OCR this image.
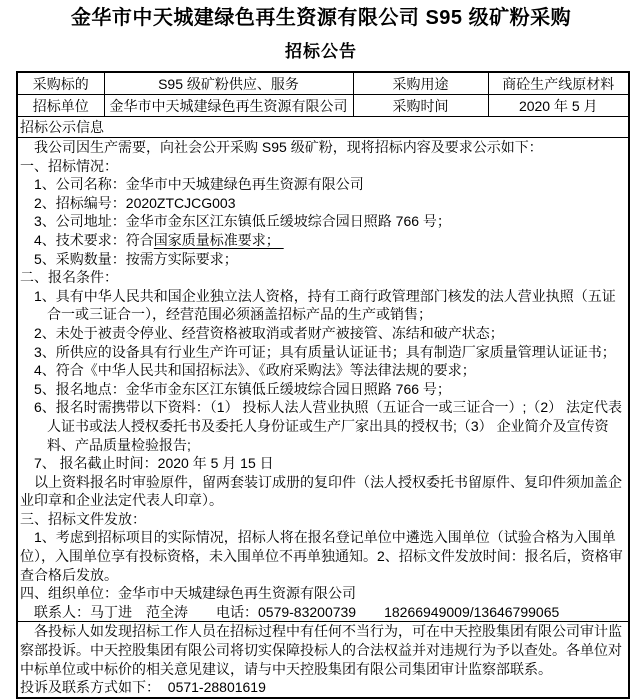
金华市中天城建绿色再生资源有限公司 S95 级矿粉采购
招标公告
采购标的	S95 级矿粉供应、服务	采购用途	商砼生产线原材料
招标单位	金华市中天城建绿色再生资源有限公司	采购时间	2020 年 5 月
招标公示信息			

我公司因生产需要，向社会公开采购 S95 级矿粉，现将招标内容及要求公示如下：
一、招标情况：
1、公司名称：金华市中天城建绿色再生资源有限公司
2、招标编号：2020ZTCJCG003
3、公司地址：金华市金东区江东镇低丘缓坡综合园日照路 766 号；
4、技术要求：符合国家质量标准要求；
5、采购数量：按需方实际要求；
二、报名条件：
1、具有中华人民共和国企业独立法人资格，持有工商行政管理部门核发的法人营业执照（五证合一或三证合一），经营范围必须涵盖招标产品的生产或销售；
2、未处于被责令停业、经营资格被取消或者财产被接管、冻结和破产状态；
3、所供应的设备具有行业生产许可证；具有质量认证证书；具有制造厂家质量管理认证证书；
4、符合《中华人民共和国招标法》、《政府采购法》等法律法规的要求；
5、报名地点：金华市金东区江东镇低丘缓坡综合园日照路 766 号；
6、报名时需携带以下资料：（1） 投标人法人营业执照（五证合一或三证合一）;（2） 法定代表人证书或法人授权委托书及委托人身份证或生产厂家出具的授权书;（3） 企业简介及宣传资料、产品质量检验报告;
7、 报名截止时间：2020 年 5 月 15 日
以上资料报名时审验原件，留两套装订成册的复印件（法人授权委托书留原件、复印件须加盖企业印章和企业法定代表人印章）。
三、招标文件发放：
1、考虑到招标项目的实际情况，招标人将在报名登记单位中遴选入围单位（试验合格为入围单位），入围单位享有投标资格，未入围单位不再单独通知。2、招标文件发放时间：报名后，资格审查合格后发放。
四、组织单位：金华市中天城建绿色再生资源有限公司
联系人：马丁进　范全涛　　电话：0579-83200739　　18266949009/13646799065

各投标人如发现招标工作人员在招标过程中有任何不当行为，可在中天控股集团有限公司审计监察部投诉。中天控股集团有限公司将切实保障投标人的合法权益并对违规行为予以查处。各单位对中标单位或中标价的相关意见建议，请与中天控股集团有限公司集团审计监察部联系。
投诉及联系方式如下：  0571-28801619			
